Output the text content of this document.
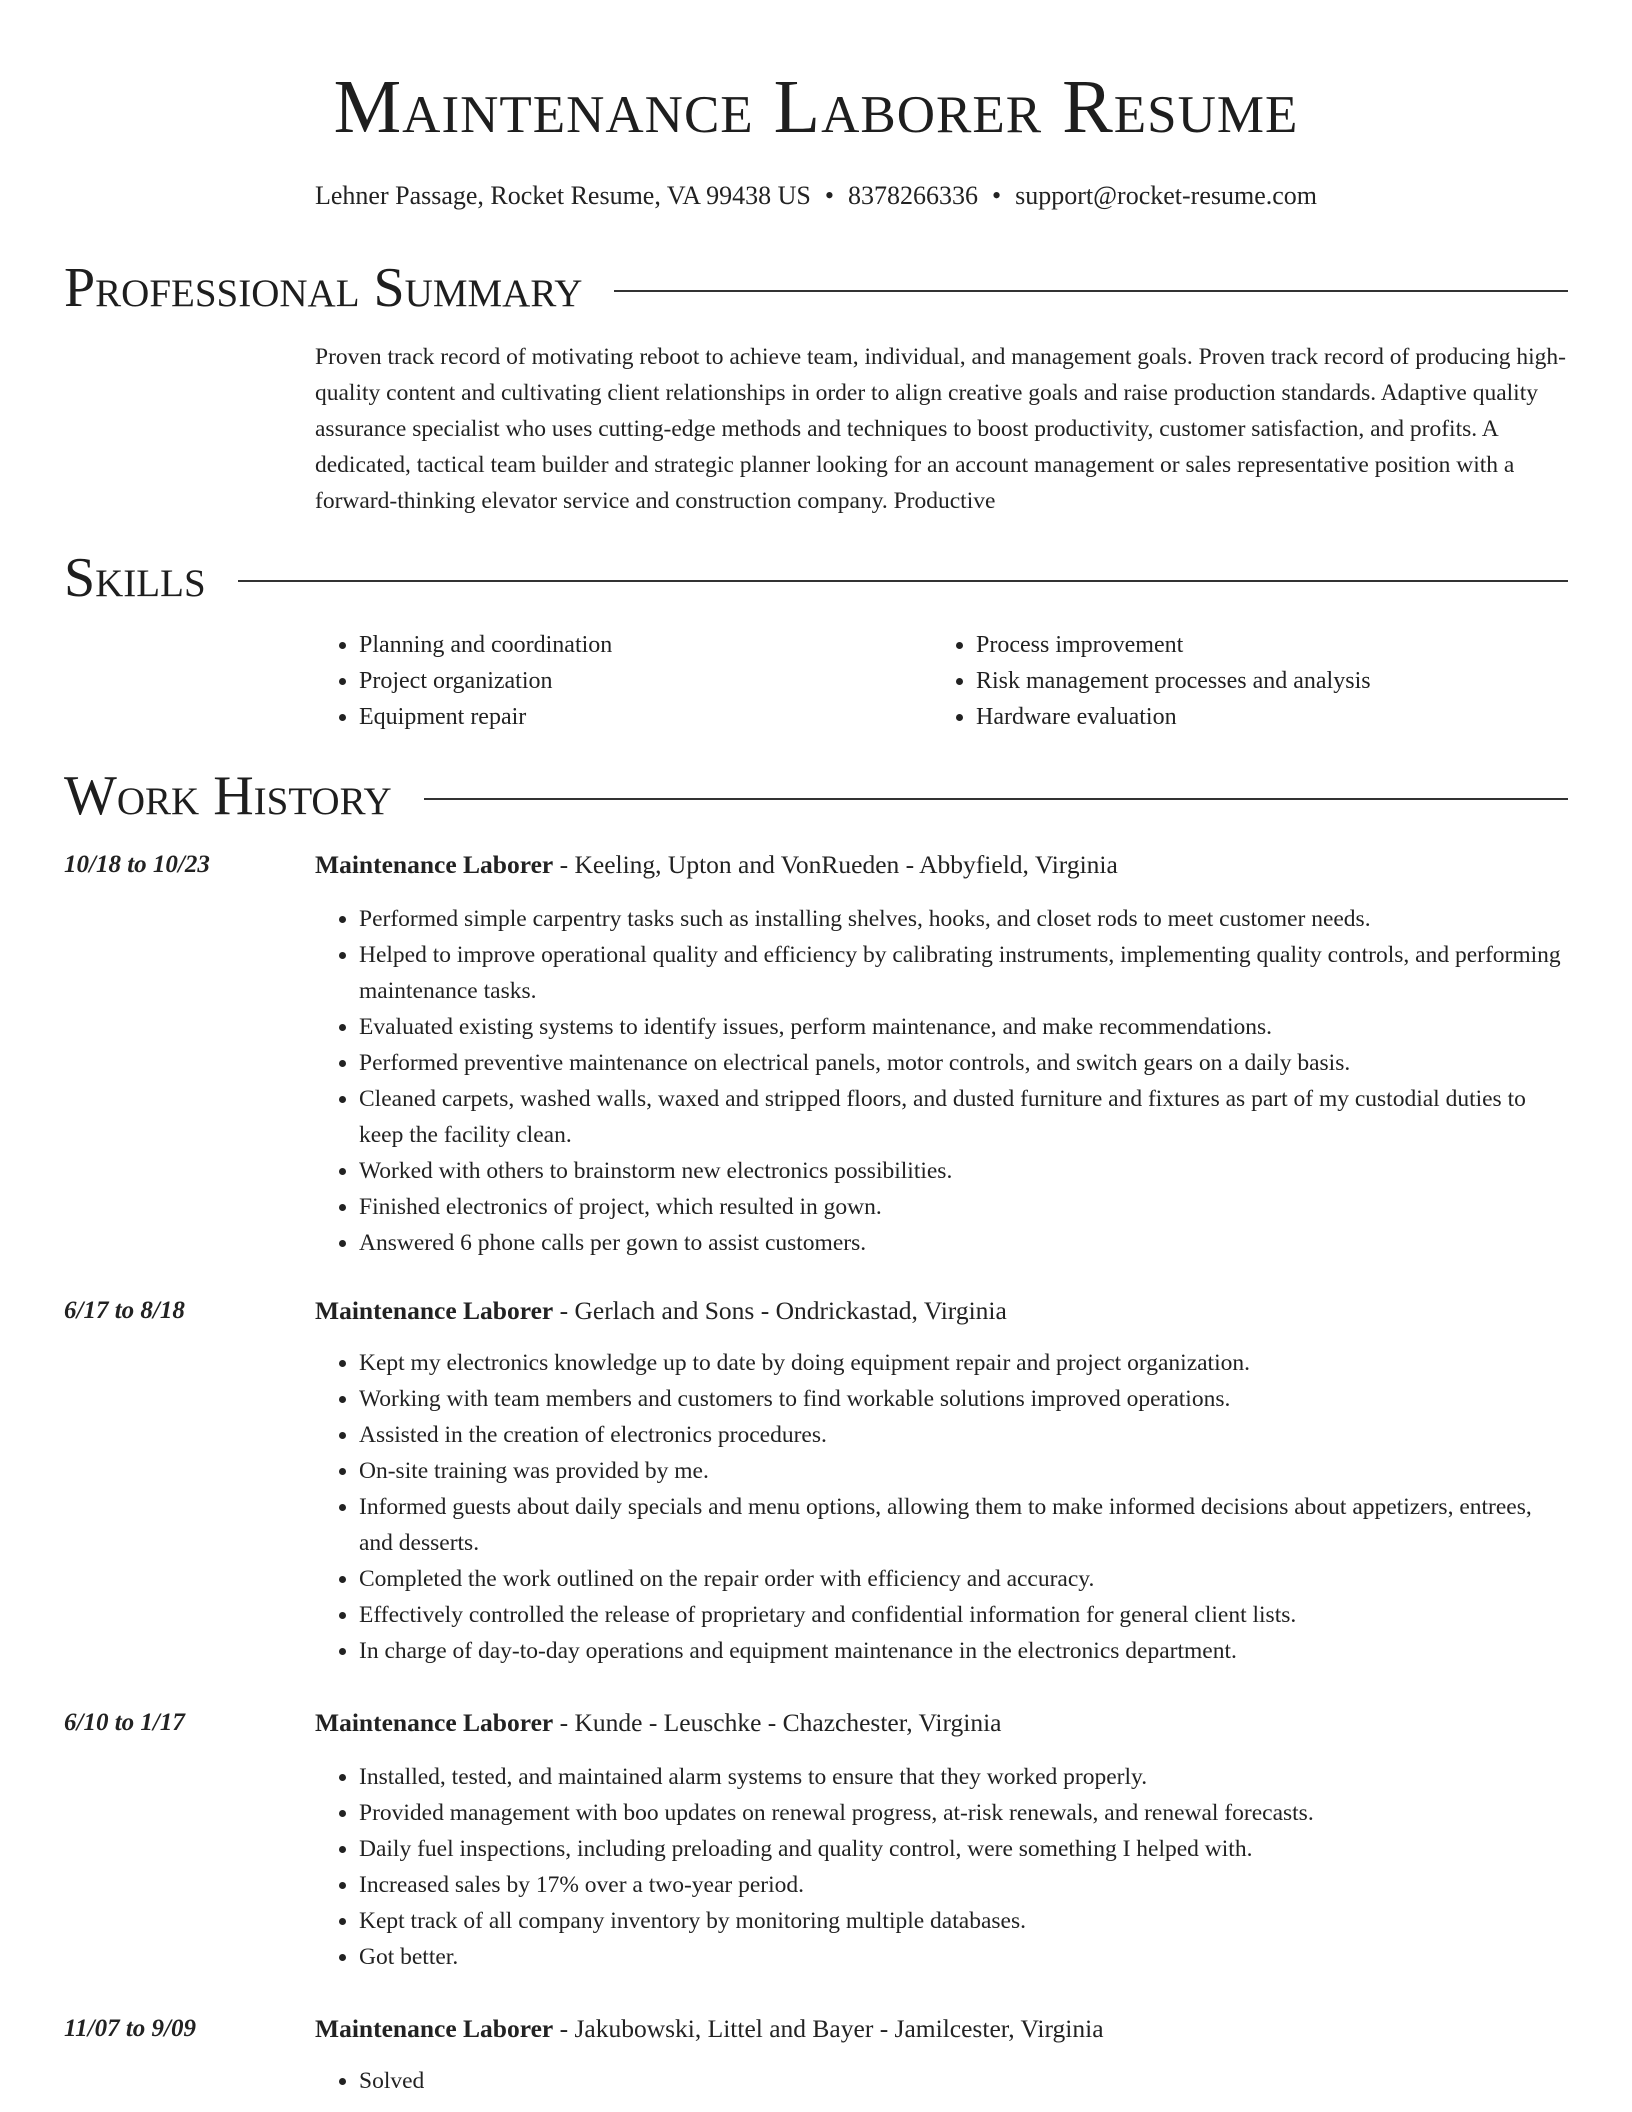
Maintenance Laborer Resume
Lehner Passage, Rocket Resume, VA 99438 US • 8378266336 • support@rocket-resume.com
Professional Summary

Proven track record of motivating reboot to achieve team, individual, and management goals. Proven track record of producing high-quality content and cultivating client relationships in order to align creative goals and raise production standards. Adaptive quality assurance specialist who uses cutting-edge methods and techniques to boost productivity, customer satisfaction, and profits. A dedicated, tactical team builder and strategic planner looking for an account management or sales representative position with a forward-thinking elevator service and construction company. Productive

Skills
• Planning and coordination
• Project organization
• Equipment repair
• Process improvement
• Risk management processes and analysis
• Hardware evaluation
Work History
10/18 to 10/23	Maintenance Laborer - Keeling, Upton and VonRueden - Abbyfield, Virginia
• Performed simple carpentry tasks such as installing shelves, hooks, and closet rods to meet customer needs.
• Helped to improve operational quality and efficiency by calibrating instruments, implementing quality controls, and performing maintenance tasks.
• Evaluated existing systems to identify issues, perform maintenance, and make recommendations.
• Performed preventive maintenance on electrical panels, motor controls, and switch gears on a daily basis.
• Cleaned carpets, washed walls, waxed and stripped floors, and dusted furniture and fixtures as part of my custodial duties to keep the facility clean.
• Worked with others to brainstorm new electronics possibilities.
• Finished electronics of project, which resulted in gown.
• Answered 6 phone calls per gown to assist customers.
6/17 to 8/18	Maintenance Laborer - Gerlach and Sons - Ondrickastad, Virginia
• Kept my electronics knowledge up to date by doing equipment repair and project organization.
• Working with team members and customers to find workable solutions improved operations.
• Assisted in the creation of electronics procedures.
• On-site training was provided by me.
• Informed guests about daily specials and menu options, allowing them to make informed decisions about appetizers, entrees, and desserts.
• Completed the work outlined on the repair order with efficiency and accuracy.
• Effectively controlled the release of proprietary and confidential information for general client lists.
• In charge of day-to-day operations and equipment maintenance in the electronics department.
6/10 to 1/17	Maintenance Laborer - Kunde - Leuschke - Chazchester, Virginia
• Installed, tested, and maintained alarm systems to ensure that they worked properly.
• Provided management with boo updates on renewal progress, at-risk renewals, and renewal forecasts.
• Daily fuel inspections, including preloading and quality control, were something I helped with.
• Increased sales by 17% over a two-year period.
• Kept track of all company inventory by monitoring multiple databases.
• Got better.
11/07 to 9/09	Maintenance Laborer - Jakubowski, Littel and Bayer - Jamilcester, Virginia
• Solved
